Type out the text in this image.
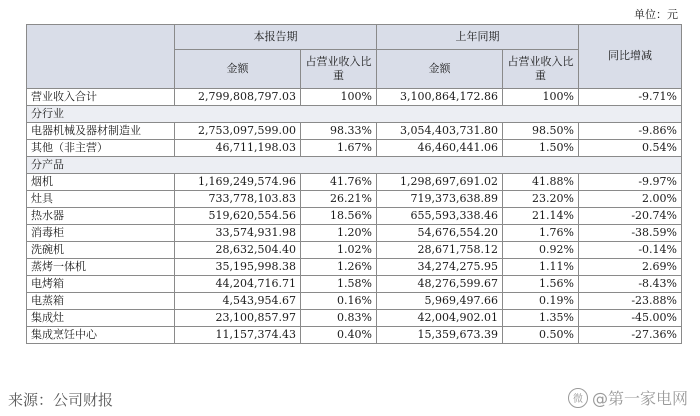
单位：元
	本报告期		上年同期		同比增减
	金额	占营业收入比重	金额	占营业收入比重	
营业收入合计	2,799,808,797.03	100%	3,100,864,172.86	100%	-9.71%
分行业					
电器机械及器材制造业	2,753,097,599.00	98.33%	3,054,403,731.80	98.50%	-9.86%
其他（非主营）	46,711,198.03	1.67%	46,460,441.06	1.50%	0.54%
分产品					
烟机	1,169,249,574.96	41.76%	1,298,697,691.02	41.88%	-9.97%
灶具	733,778,103.83	26.21%	719,373,638.89	23.20%	2.00%
热水器	519,620,554.56	18.56%	655,593,338.46	21.14%	-20.74%
消毒柜	33,574,931.98	1.20%	54,676,554.20	1.76%	-38.59%
洗碗机	28,632,504.40	1.02%	28,671,758.12	0.92%	-0.14%
蒸烤一体机	35,195,998.38	1.26%	34,274,275.95	1.11%	2.69%
电烤箱	44,204,716.71	1.58%	48,276,599.67	1.56%	-8.43%
电蒸箱	4,543,954.67	0.16%	5,969,497.66	0.19%	-23.88%
集成灶	23,100,857.97	0.83%	42,004,902.01	1.35%	-45.00%
集成烹饪中心	11,157,374.43	0.40%	15,359,673.39	0.50%	-27.36%
来源：公司财报	微 @第一家电网
